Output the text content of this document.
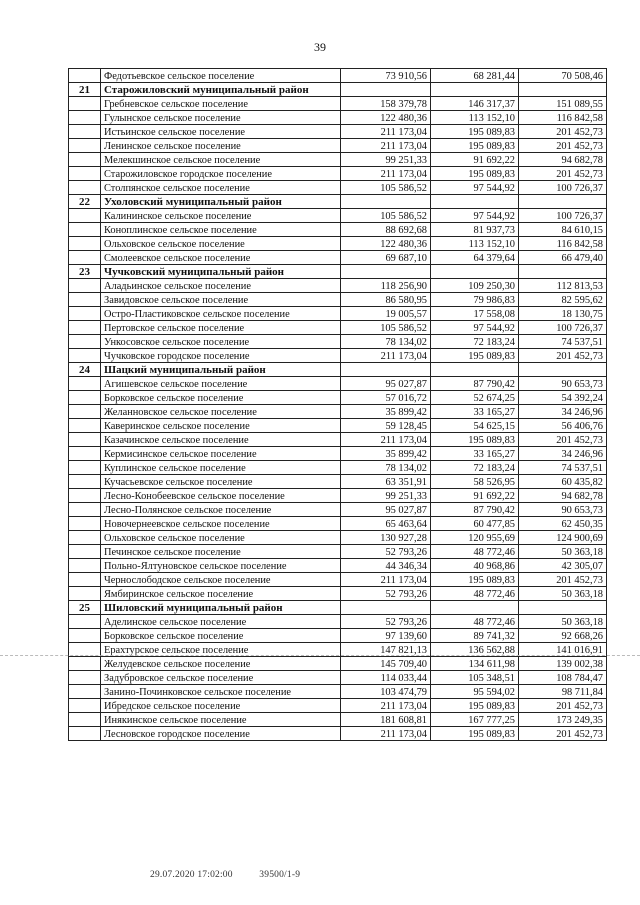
39
	Федотьевское сельское поселение	73 910,56	68 281,44	70 508,46
21	Старожиловский муниципальный район			
	Гребневское сельское поселение	158 379,78	146 317,37	151 089,55
	Гулынское сельское поселение	122 480,36	113 152,10	116 842,58
	Истьинское сельское поселение	211 173,04	195 089,83	201 452,73
	Ленинское сельское поселение	211 173,04	195 089,83	201 452,73
	Мелекшинское сельское поселение	99 251,33	91 692,22	94 682,78
	Старожиловское городское поселение	211 173,04	195 089,83	201 452,73
	Столпянское сельское поселение	105 586,52	97 544,92	100 726,37
22	Ухоловский муниципальный район			
	Калининское сельское поселение	105 586,52	97 544,92	100 726,37
	Коноплинское сельское поселение	88 692,68	81 937,73	84 610,15
	Ольховское сельское поселение	122 480,36	113 152,10	116 842,58
	Смолеевское сельское поселение	69 687,10	64 379,64	66 479,40
23	Чучковский муниципальный район			
	Аладьинское сельское поселение	118 256,90	109 250,30	112 813,53
	Завидовское сельское поселение	86 580,95	79 986,83	82 595,62
	Остро-Пластиковское сельское поселение	19 005,57	17 558,08	18 130,75
	Пертовское сельское поселение	105 586,52	97 544,92	100 726,37
	Ункосовское сельское поселение	78 134,02	72 183,24	74 537,51
	Чучковское городское поселение	211 173,04	195 089,83	201 452,73
24	Шацкий муниципальный район			
	Агишевское сельское поселение	95 027,87	87 790,42	90 653,73
	Борковское сельское поселение	57 016,72	52 674,25	54 392,24
	Желанновское сельское поселение	35 899,42	33 165,27	34 246,96
	Каверинское сельское поселение	59 128,45	54 625,15	56 406,76
	Казачинское сельское поселение	211 173,04	195 089,83	201 452,73
	Кермисинское сельское поселение	35 899,42	33 165,27	34 246,96
	Куплинское сельское поселение	78 134,02	72 183,24	74 537,51
	Кучасьевское сельское поселение	63 351,91	58 526,95	60 435,82
	Лесно-Конобеевское сельское поселение	99 251,33	91 692,22	94 682,78
	Лесно-Полянское сельское поселение	95 027,87	87 790,42	90 653,73
	Новочернеевское сельское поселение	65 463,64	60 477,85	62 450,35
	Ольховское сельское поселение	130 927,28	120 955,69	124 900,69
	Печинское сельское поселение	52 793,26	48 772,46	50 363,18
	Польно-Ялтуновское сельское поселение	44 346,34	40 968,86	42 305,07
	Чернослободское сельское поселение	211 173,04	195 089,83	201 452,73
	Ямбиринское сельское поселение	52 793,26	48 772,46	50 363,18
25	Шиловский муниципальный район			
	Аделинское сельское поселение	52 793,26	48 772,46	50 363,18
	Борковское сельское поселение	97 139,60	89 741,32	92 668,26
	Ерахтурское сельское поселение	147 821,13	136 562,88	141 016,91
	Желудевское сельское поселение	145 709,40	134 611,98	139 002,38
	Задубровское сельское поселение	114 033,44	105 348,51	108 784,47
	Занино-Починковское сельское поселение	103 474,79	95 594,02	98 711,84
	Ибредское сельское поселение	211 173,04	195 089,83	201 452,73
	Инякинское сельское поселение	181 608,81	167 777,25	173 249,35
	Лесновское городское поселение	211 173,04	195 089,83	201 452,73
29.07.2020 17:02:00	39500/1-9
